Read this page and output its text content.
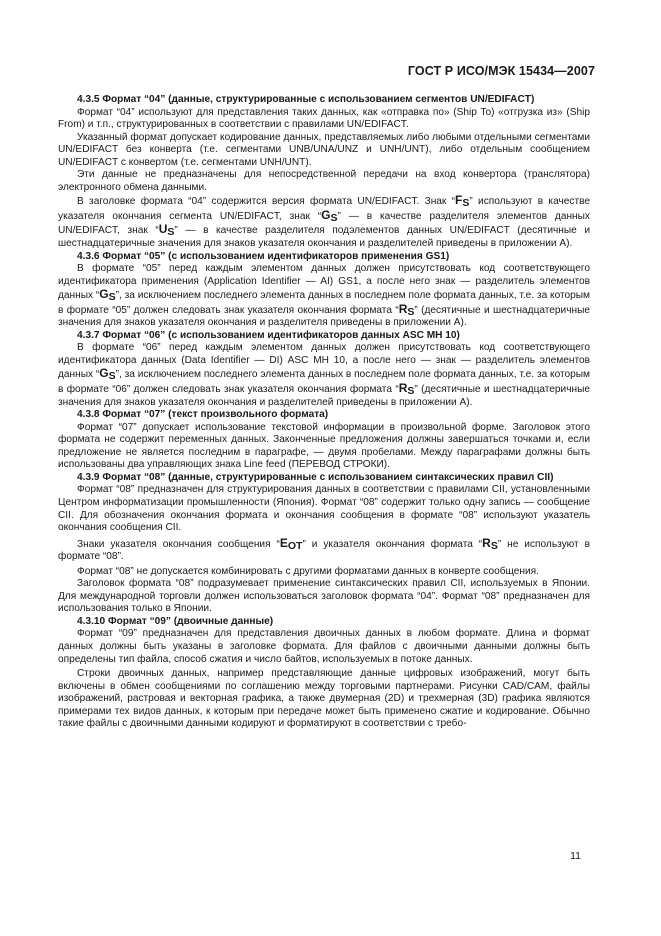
ГОСТ Р ИСО/МЭК 15434—2007

4.3.5 Формат “04” (данные, структурированные с использованием сегментов UN/EDIFACT)

Формат “04” используют для представления таких данных, как «отправка по» (Ship To) «отгрузка из» (Ship From) и т.п., структурированных в соответствии с правилами UN/EDIFACT.

Указанный формат допускает кодирование данных, представляемых либо любыми отдельными сегментами UN/EDIFACT без конверта (т.е. сегментами UNB/UNA/UNZ и UNH/UNT), либо отдельным сообщением UN/EDIFACT с конвертом (т.е. сегментами UNH/UNT).

Эти данные не предназначены для непосредственной передачи на вход конвертора (транслятора) электронного обмена данными.

В заголовке формата “04” содержится версия формата UN/EDIFACT. Знак “$F_S$” используют в качестве указателя окончания сегмента UN/EDIFACT, знак “$G_S$” — в качестве разделителя элементов данных UN/EDIFACT, знак “$U_S$” — в качестве разделителя подэлементов данных UN/EDIFACT (десятичные и шестнадцатеричные значения для знаков указателя окончания и разделителей приведены в приложении А).

4.3.6 Формат “05” (с использованием идентификаторов применения GS1)

В формате “05” перед каждым элементом данных должен присутствовать код соответствующего идентификатора применения (Application Identifier — AI) GS1, а после него знак — разделитель элементов данных “$G_S$”, за исключением последнего элемента данных в последнем поле формата данных, т.е. за которым в формате “05” должен следовать знак указателя окончания формата “$R_S$” (десятичные и шестнадцатеричные значения для знаков указателя окончания и разделителя приведены в приложении А).

4.3.7 Формат “06” (с использованием идентификаторов данных ASC MH 10)

В формате “06” перед каждым элементом данных должен присутствовать код соответствующего идентификатора данных (Data Identifier — DI) ASC MH 10, а после него — знак — разделитель элементов данных “$G_S$”, за исключением последнего элемента данных в последнем поле формата данных, т.е. за которым в формате “06” должен следовать знак указателя окончания формата “$R_S$” (десятичные и шестнадцатеричные значения для знаков указателя окончания и разделителей приведены в приложении А).

4.3.8 Формат “07” (текст произвольного формата)

Формат “07” допускает использование текстовой информации в произвольной форме. Заголовок этого формата не содержит переменных данных. Законченные предложения должны завершаться точками и, если предложение не является последним в параграфе, — двумя пробелами. Между параграфами должны быть использованы два управляющих знака Line feed (ПЕРЕВОД СТРОКИ).

4.3.9 Формат “08” (данные, структурированные с использованием синтаксических правил CII)

Формат “08” предназначен для структурирования данных в соответствии с правилами CII, установленными Центром информатизации промышленности (Япония). Формат “08” содержит только одну запись — сообщение CII. Для обозначения окончания формата и окончания сообщения в формате “08” используют указатель окончания сообщения CII.

Знаки указателя окончания сообщения “$E_{OT}$” и указателя окончания формата “$R_S$” не используют в формате “08”.

Формат “08” не допускается комбинировать с другими форматами данных в конверте сообщения.

Заголовок формата “08” подразумевает применение синтаксических правил CII, используемых в Японии. Для международной торговли должен использоваться заголовок формата “04”. Формат “08” предназначен для использования только в Японии.

4.3.10 Формат “09” (двоичные данные)

Формат “09” предназначен для представления двоичных данных в любом формате. Длина и формат данных должны быть указаны в заголовке формата. Для файлов с двоичными данными должны быть определены тип файла, способ сжатия и число байтов, используемых в потоке данных.

Строки двоичных данных, например представляющие данные цифровых изображений, могут быть включены в обмен сообщениями по соглашению между торговыми партнерами. Рисунки CAD/CAM, файлы изображений, растровая и векторная графика, а также двумерная (2D) и трехмерная (3D) графика являются примерами тех видов данных, к которым при передаче может быть применено сжатие и кодирование. Обычно такие файлы с двоичными данными кодируют и форматируют в соответствии с требо-

11
